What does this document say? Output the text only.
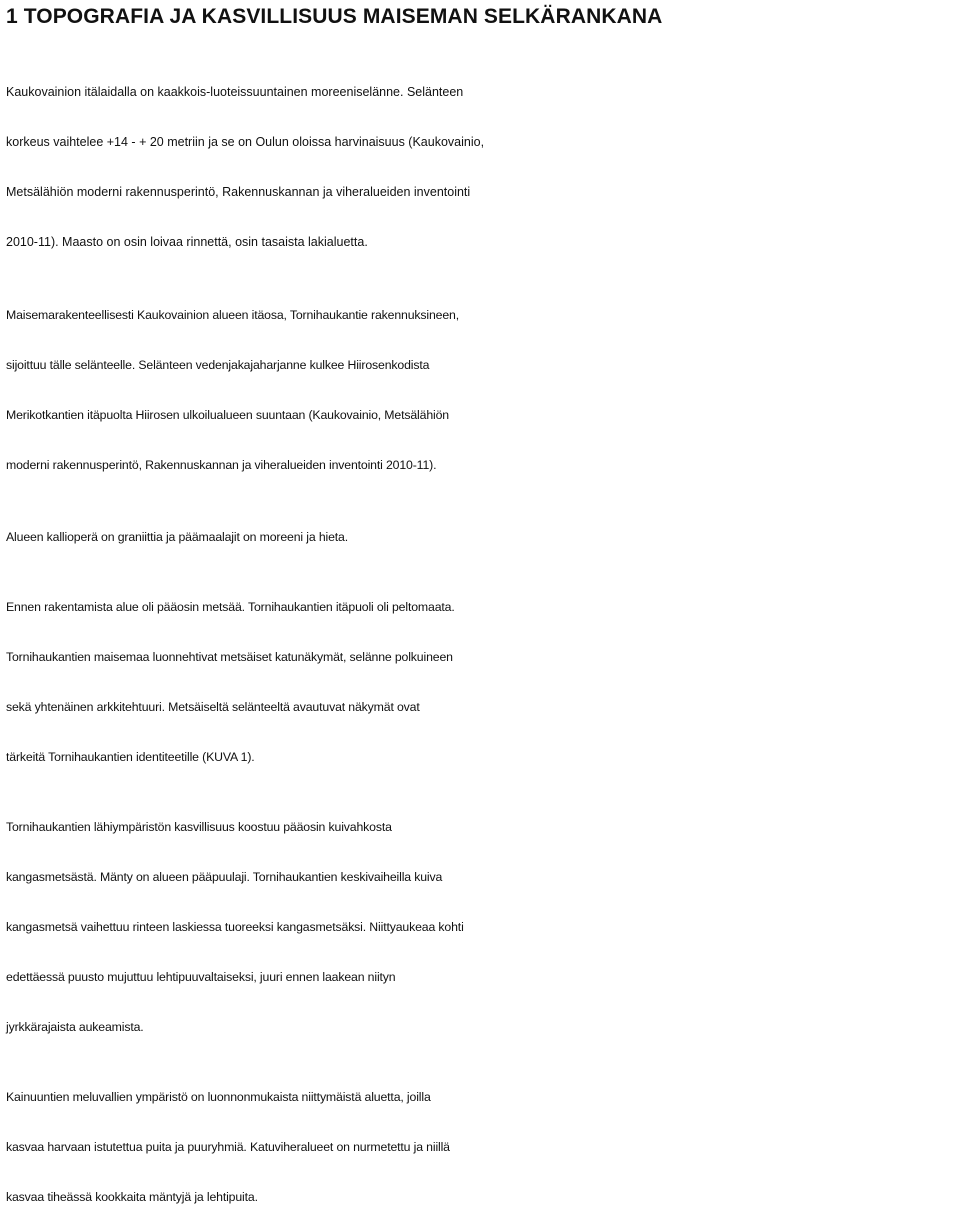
1 TOPOGRAFIA JA KASVILLISUUS MAISEMAN SELKÄRANKANA

Kaukovainion itälaidalla on kaakkois-luoteissuuntainen moreeniselänne. Selänteen
korkeus vaihtelee +14 - + 20 metriin ja se on Oulun oloissa harvinaisuus (Kaukovainio,
Metsälähiön moderni rakennusperintö, Rakennuskannan ja viheralueiden inventointi
2010-11). Maasto on osin loivaa rinnettä, osin tasaista lakialuetta.

Maisemarakenteellisesti Kaukovainion alueen itäosa, Tornihaukantie rakennuksineen,
sijoittuu tälle selänteelle. Selänteen vedenjakajaharjanne kulkee Hiirosenkodista
Merikotkantien itäpuolta Hiirosen ulkoilualueen suuntaan (Kaukovainio, Metsälähiön
moderni rakennusperintö, Rakennuskannan ja viheralueiden inventointi 2010-11).

Alueen kallioperä on graniittia ja päämaalajit on moreeni ja hieta.

Ennen rakentamista alue oli pääosin metsää. Tornihaukantien itäpuoli oli peltomaata.
Tornihaukantien maisemaa luonnehtivat metsäiset katunäkymät, selänne polkuineen
sekä yhtenäinen arkkitehtuuri. Metsäiseltä selänteeltä avautuvat näkymät ovat
tärkeitä Tornihaukantien identiteetille (KUVA 1).

Tornihaukantien lähiympäristön kasvillisuus koostuu pääosin kuivahkosta
kangasmetsästä. Mänty on alueen pääpuulaji. Tornihaukantien keskivaiheilla kuiva
kangasmetsä vaihettuu rinteen laskiessa tuoreeksi kangasmetsäksi. Niittyaukeaa kohti
edettäessä puusto mujuttuu lehtipuuvaltaiseksi, juuri ennen laakean niityn
jyrkkärajaista aukeamista.

Kainuuntien meluvallien ympäristö on luonnonmukaista niittymäistä aluetta, joilla
kasvaa harvaan istutettua puita ja puuryhmiä. Katuviheralueet on nurmetettu ja niillä
kasvaa tiheässä kookkaita mäntyjä ja lehtipuita.
